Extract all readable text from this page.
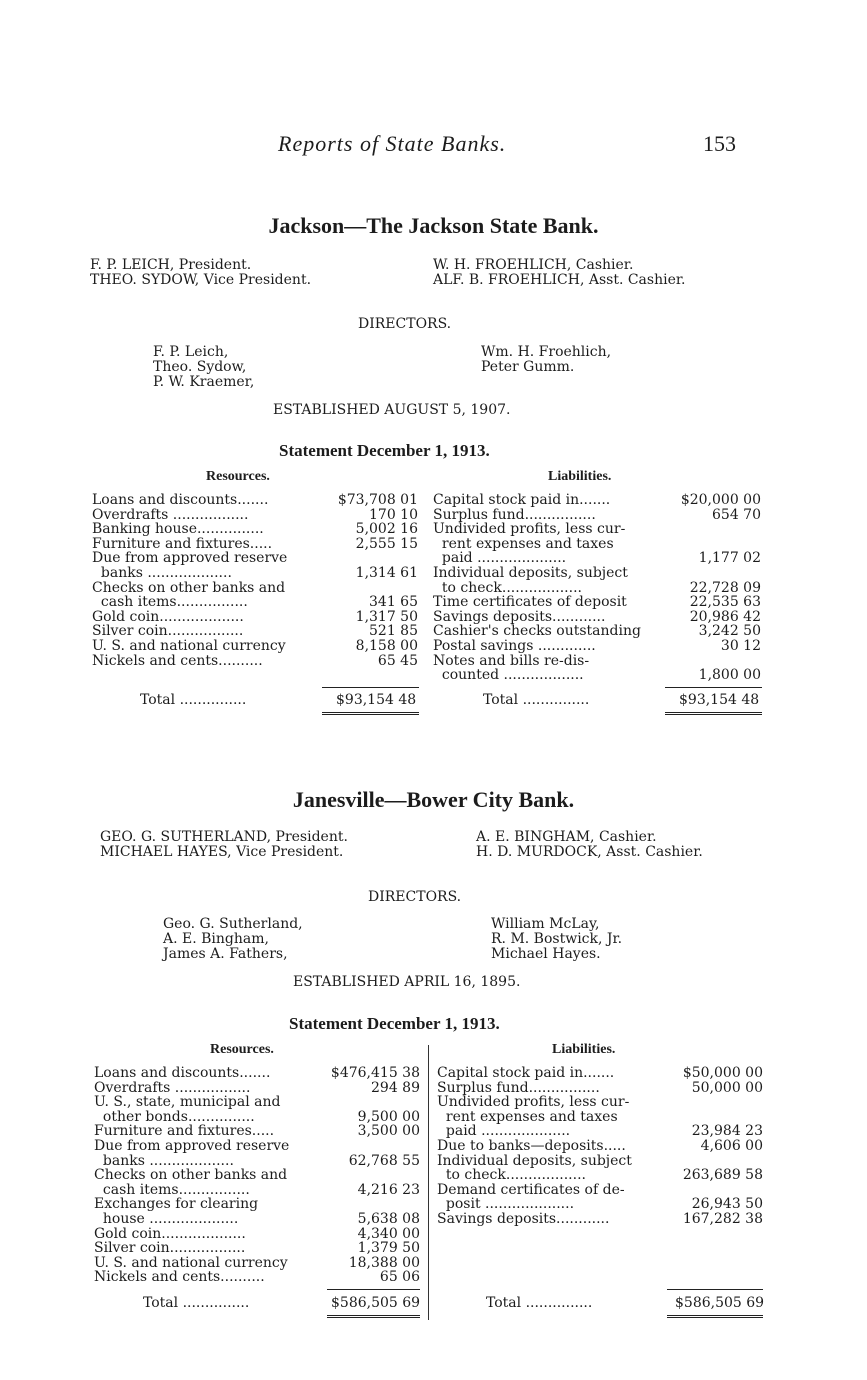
Reports of State Banks.	153
Jackson—The Jackson State Bank.
F. P. LEICH, President.
THEO. SYDOW, Vice President.
W. H. FROEHLICH, Cashier.
ALF. B. FROEHLICH, Asst. Cashier.
DIRECTORS.
F. P. Leich,
Theo. Sydow,
P. W. Kraemer,
Wm. H. Froehlich,
Peter Gumm.
ESTABLISHED AUGUST 5, 1907.
Statement December 1, 1913.
Resources.	Liabilities.
Loans and discounts.......	$73,708 01
Overdrafts .................	170 10
Banking house...............	5,002 16
Furniture and fixtures.....	2,555 15
Due from approved reserve
banks ...................	1,314 61
Checks on other banks and
cash items................	341 65
Gold coin...................	1,317 50
Silver coin.................	521 85
U. S. and national currency	8,158 00
Nickels and cents..........	65 45
Capital stock paid in.......	$20,000 00
Surplus fund................	654 70
Undivided profits, less cur-
rent expenses and taxes
paid ....................	1,177 02
Individual deposits, subject
to check..................	22,728 09
Time certificates of deposit	22,535 63
Savings deposits............	20,986 42
Cashier's checks outstanding	3,242 50
Postal savings .............	30 12
Notes and bills re-dis-
counted ..................	1,800 00
Total ...............	$93,154 48	Total ...............	$93,154 48
Janesville—Bower City Bank.
GEO. G. SUTHERLAND, President.
MICHAEL HAYES, Vice President.
A. E. BINGHAM, Cashier.
H. D. MURDOCK, Asst. Cashier.
DIRECTORS.
Geo. G. Sutherland,
A. E. Bingham,
James A. Fathers,
William McLay,
R. M. Bostwick, Jr.
Michael Hayes.
ESTABLISHED APRIL 16, 1895.
Statement December 1, 1913.
Resources.	Liabilities.
Loans and discounts.......	$476,415 38
Overdrafts .................	294 89
U. S., state, municipal and
other bonds...............	9,500 00
Furniture and fixtures.....	3,500 00
Due from approved reserve
banks ...................	62,768 55
Checks on other banks and
cash items................	4,216 23
Exchanges for clearing
house ....................	5,638 08
Gold coin...................	4,340 00
Silver coin.................	1,379 50
U. S. and national currency	18,388 00
Nickels and cents..........	65 06
Capital stock paid in.......	$50,000 00
Surplus fund................	50,000 00
Undivided profits, less cur-
rent expenses and taxes
paid ....................	23,984 23
Due to banks—deposits.....	4,606 00
Individual deposits, subject
to check..................	263,689 58
Demand certificates of de-
posit ....................	26,943 50
Savings deposits............	167,282 38
Total ...............	$586,505 69	Total ...............	$586,505 69
